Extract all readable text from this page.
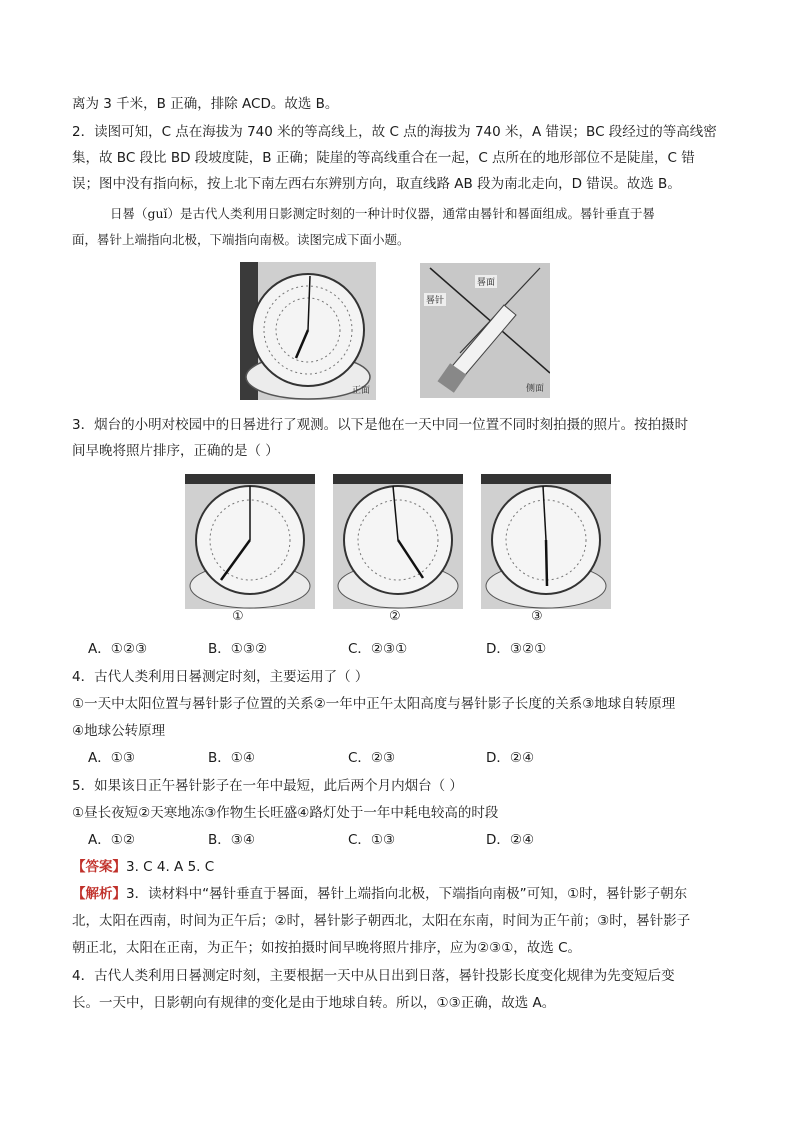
离为 3 千米，B 正确，排除 ACD。故选 B。
2．读图可知，C 点在海拔为 740 米的等高线上，故 C 点的海拔为 740 米，A 错误；BC 段经过的等高线密
集，故 BC 段比 BD 段坡度陡，B 正确；陡崖的等高线重合在一起，C 点所在的地形部位不是陡崖，C 错
误；图中没有指向标，按上北下南左西右东辨别方向，取直线路 AB 段为南北走向，D 错误。故选 B。
日晷（guǐ）是古代人类利用日影测定时刻的一种计时仪器，通常由晷针和晷面组成。晷针垂直于晷
面，晷针上端指向北极，下端指向南极。读图完成下面小题。
正面
晷面
晷针
侧面
3．烟台的小明对校园中的日晷进行了观测。以下是他在一天中同一位置不同时刻拍摄的照片。按拍摄时
间早晚将照片排序，正确的是（ ）
①	②	③
A．①②③	B．①③②	C．②③①	D．③②①
4．古代人类利用日晷测定时刻，主要运用了（ ）
①一天中太阳位置与晷针影子位置的关系②一年中正午太阳高度与晷针影子长度的关系③地球自转原理
④地球公转原理
A．①③	B．①④	C．②③	D．②④
5．如果该日正午晷针影子在一年中最短，此后两个月内烟台（ ）
①昼长夜短②天寒地冻③作物生长旺盛④路灯处于一年中耗电较高的时段
A．①②	B．③④	C．①③	D．②④
【答案】3. C 4. A 5. C
【解析】3．读材料中“晷针垂直于晷面，晷针上端指向北极，下端指向南极”可知，①时，晷针影子朝东
北，太阳在西南，时间为正午后；②时，晷针影子朝西北，太阳在东南，时间为正午前；③时，晷针影子
朝正北，太阳在正南，为正午；如按拍摄时间早晚将照片排序，应为②③①，故选 C。
4．古代人类利用日晷测定时刻，主要根据一天中从日出到日落，晷针投影长度变化规律为先变短后变
长。一天中，日影朝向有规律的变化是由于地球自转。所以，①③正确，故选 A。
